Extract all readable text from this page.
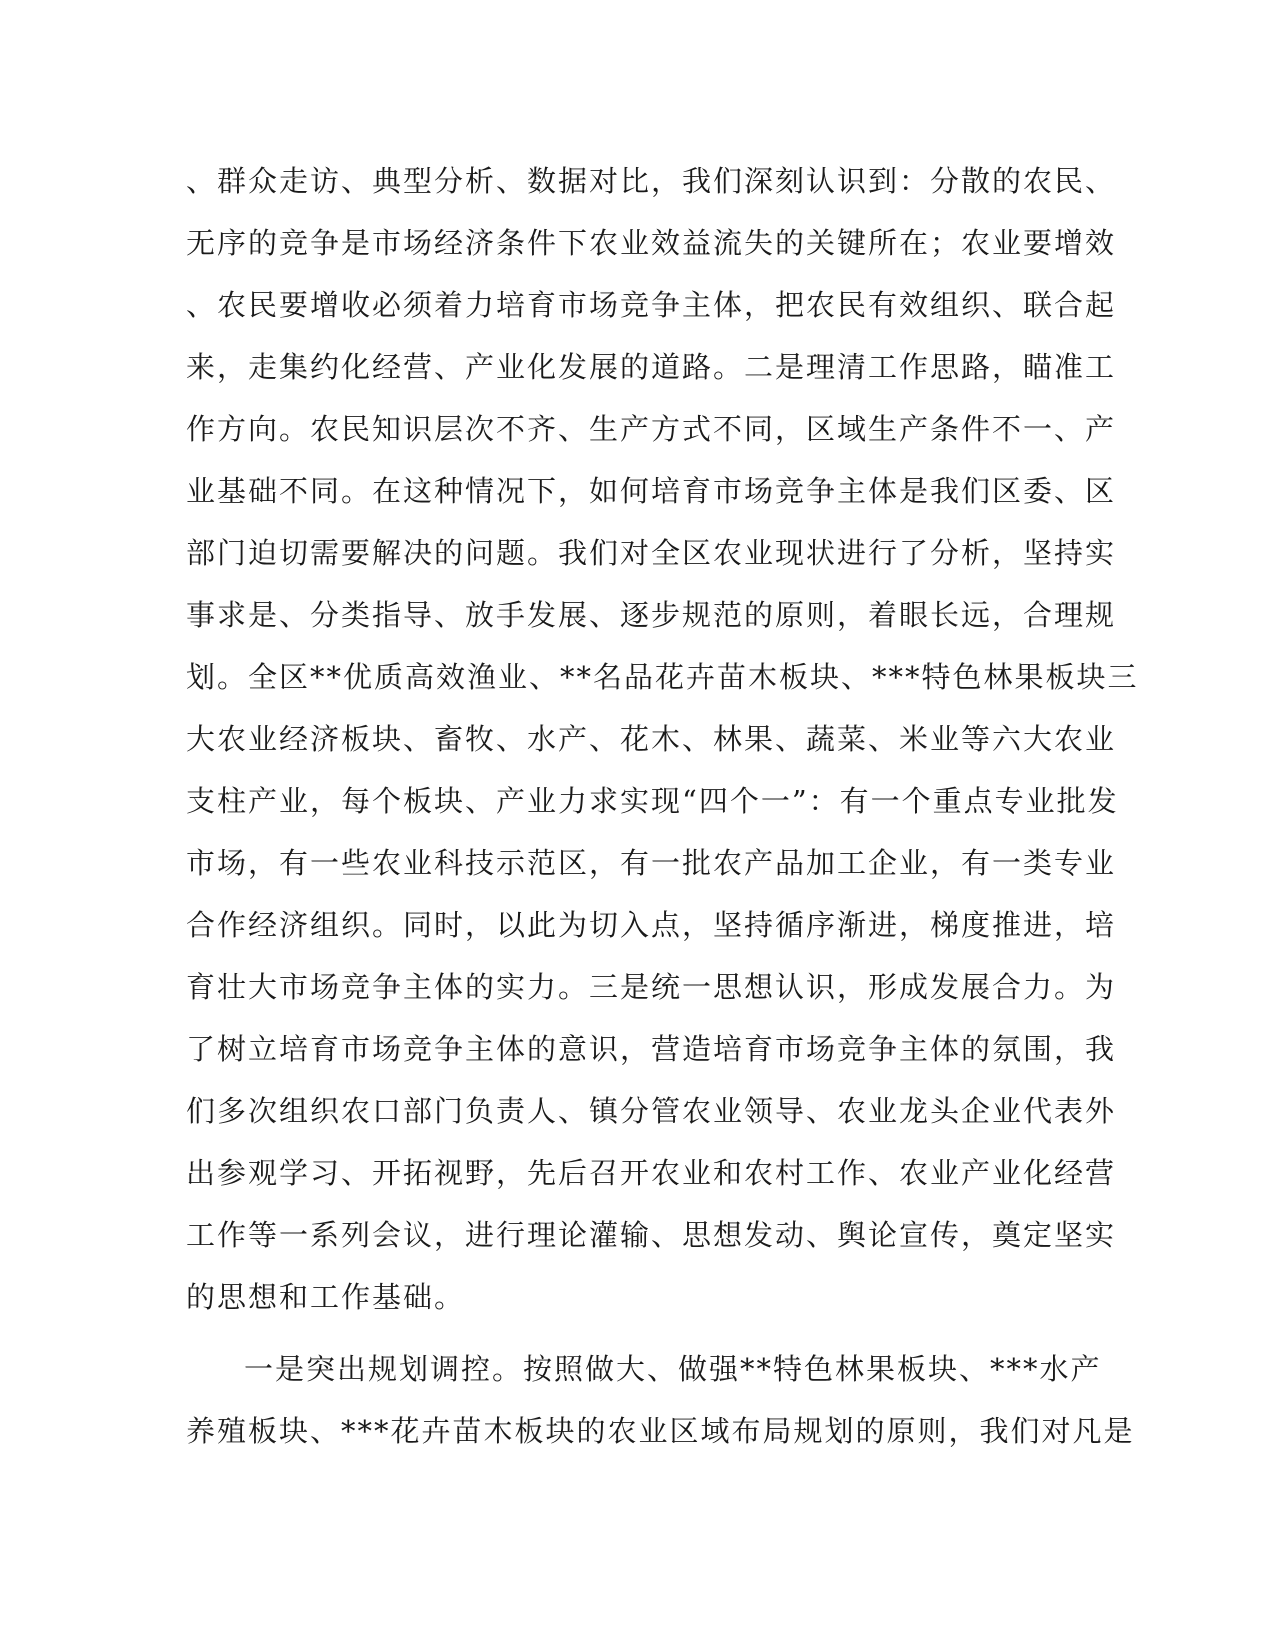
、群众走访、典型分析、数据对比，我们深刻认识到：分散的农民、
无序的竞争是市场经济条件下农业效益流失的关键所在；农业要增效
、农民要增收必须着力培育市场竞争主体，把农民有效组织、联合起
来，走集约化经营、产业化发展的道路。二是理清工作思路，瞄准工
作方向。农民知识层次不齐、生产方式不同，区域生产条件不一、产
业基础不同。在这种情况下，如何培育市场竞争主体是我们区委、区
部门迫切需要解决的问题。我们对全区农业现状进行了分析，坚持实
事求是、分类指导、放手发展、逐步规范的原则，着眼长远，合理规
划。全区**优质高效渔业、**名品花卉苗木板块、***特色林果板块三
大农业经济板块、畜牧、水产、花木、林果、蔬菜、米业等六大农业
支柱产业，每个板块、产业力求实现“四个一”：有一个重点专业批发
市场，有一些农业科技示范区，有一批农产品加工企业，有一类专业
合作经济组织。同时，以此为切入点，坚持循序渐进，梯度推进，培
育壮大市场竞争主体的实力。三是统一思想认识，形成发展合力。为
了树立培育市场竞争主体的意识，营造培育市场竞争主体的氛围，我
们多次组织农口部门负责人、镇分管农业领导、农业龙头企业代表外
出参观学习、开拓视野，先后召开农业和农村工作、农业产业化经营
工作等一系列会议，进行理论灌输、思想发动、舆论宣传，奠定坚实
的思想和工作基础。
一是突出规划调控。按照做大、做强**特色林果板块、***水产
养殖板块、***花卉苗木板块的农业区域布局规划的原则，我们对凡是
